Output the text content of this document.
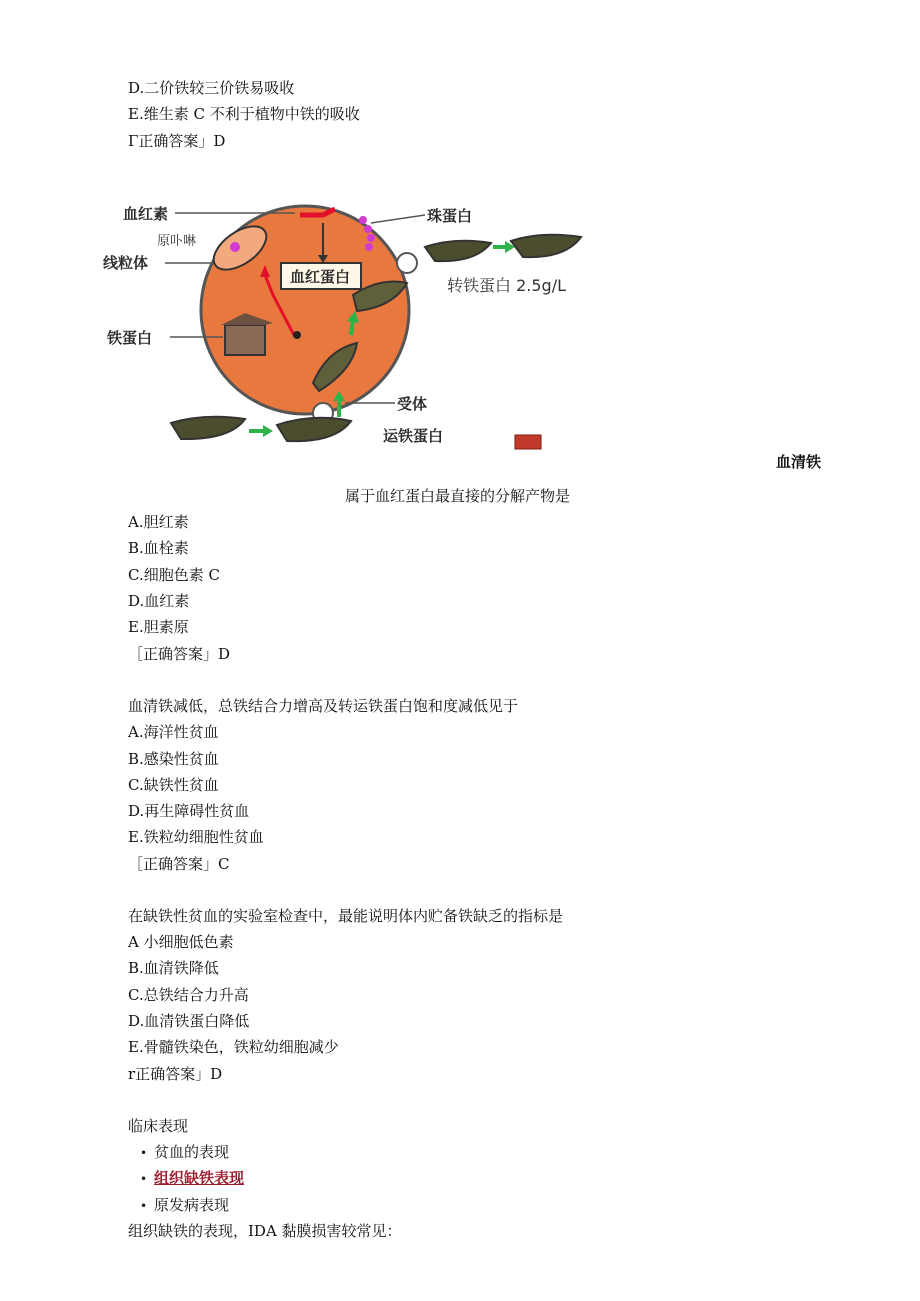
D.二价铁较三价铁易吸收
E.维生素 C 不利于植物中铁的吸收
Γ正确答案」D
血红蛋白
血红素
原卟啉
线粒体
铁蛋白
珠蛋白
转铁蛋白 2.5g/L
受体
运铁蛋白
血清铁
属于血红蛋白最直接的分解产物是
A.胆红素
B.血栓素
C.细胞色素 C
D.血红素
E.胆素原
［正确答案」D
血清铁减低，总铁结合力增高及转运铁蛋白饱和度减低见于
A.海洋性贫血
B.感染性贫血
C.缺铁性贫血
D.再生障碍性贫血
E.铁粒幼细胞性贫血
［正确答案」C
在缺铁性贫血的实验室检查中，最能说明体内贮备铁缺乏的指标是
A 小细胞低色素
B.血清铁降低
C.总铁结合力升高
D.血清铁蛋白降低
E.骨髓铁染色，铁粒幼细胞减少
r正确答案」D
临床表现
• 贫血的表现
• 组织缺铁表现
• 原发病表现
组织缺铁的表现，IDA 黏膜损害较常见：
